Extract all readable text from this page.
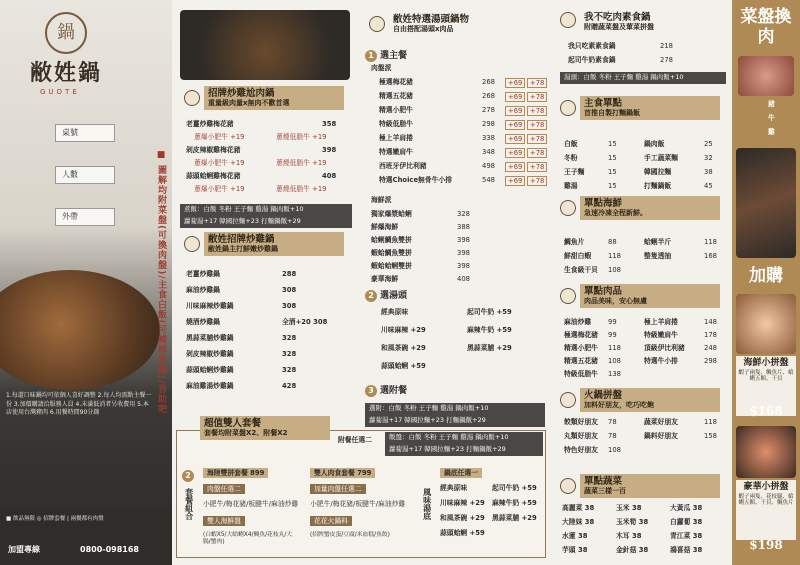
鍋
敝姓鍋
GUOTE
桌號
人數
外帶	■ 圖解均附菜盤(可換肉盤)/主食白飯(可補添更換)/自助吧
1.每道口味鍋均可依個人喜好調整 2.每人均需點主餐一份 3.加價購請洽服務人員 4.未滿低消者另收費用 5.本店使用台灣豬肉 6.用餐時間90分鐘
■ 飲品無限 ◎ 招牌套餐 | 兩餐都有肉盤
加盟專線	0800-098168
招牌炒雞尬肉鍋
重量級肉量x無肉不歡首選
老薑炒雞梅花豬	358
蔥爆小肥牛 +19	蔥燒低脂牛 +19
剁皮辣椒雞梅花豬	398
蔥爆小肥牛 +19	蔥燒低脂牛 +19
蒜頭蛤蜊雞梅花豬	408
蔥爆小肥牛 +19	蔥燒低脂牛 +19
煮飯：白飯 冬粉 王子麵 雞湯 鍋肉飯+10
蘿蔔湯+17 韓國拉麵+23 打麵鍋飯+29
敝姓招牌炒雞鍋
敝姓鍋主打鮮嫩炒雞鍋
老薑炒雞鍋	288
麻油炒雞鍋	308
川味麻辣炒雞鍋	308
燒酒炒雞鍋	全酒+20 308
黑蒜菜脯炒雞鍋	328
剁皮辣椒炒雞鍋	328
蒜頭蛤蜊炒雞鍋	328
麻油雞湯炒雞鍋	428
敝姓特選湯頭鍋物
自由搭配湯頭x肉品
1 選主餐
肉盤派
極選梅花豬	268	+69	+78
精選五花豬	268	+69	+78
精選小肥牛	278	+69	+78
特級低脂牛	298	+69	+78
極上羊肩捲	338	+69	+78
特選嫩肩牛	348	+69	+78
西班牙伊比利豬	498	+69	+78
特選Choice無骨牛小排	548	+69	+78
海鮮派
獨家爆漿蛤蜊	328
鮮爆海鮮	388
蛤蜊鯛魚雙拼	398
蝦蛤鯛魚雙拼	398
蝦蛤蛤蜊雙拼	398
豪華海鮮	408
2 選湯頭
經典原味	起司牛奶 +59
川味麻辣 +29	麻辣牛奶 +59
和風茶碗 +29	黑蒜菜脯 +29
蒜頭蛤蜊 +59
3 選附餐
選附：白飯 冬粉 王子麵 雞湯 鍋肉飯+10
蘿蔔湯+17 韓國拉麵+23 打麵鍋飯+29
超值雙人套餐
套餐均附菜盤X2、附餐X2
附餐任選二	飯盤：白飯 冬粉 王子麵 雞湯 鍋肉飯+10
蘿蔔湯+17 韓國拉麵+23 打麵鍋飯+29
2
套餐組合
海陸雙拼套餐 899
肉盤任選二
小肥牛/梅花豬/板腱牛/麻油炒雞
雙人海鮮盤
(白蝦X5/大蛤蜊X4/鯛魚/花枝丸/大腸/蟹肉)
雙人肉食套餐 799
加量肉盤任選二
小肥牛/梅花豬/板腱牛/麻油炒雞
花花火鍋料
(招牌蟹皮蛋/豆腐/米血糕/魚餃)
風味湯底
鍋底任選一
經典原味	起司牛奶 +59
川味麻辣 +29 麻辣牛奶 +59
和風茶碗 +29 黑蒜菜脯 +29
蒜頭蛤蜊 +59
我不吃肉素食鍋
附贈蔬菜盤及葷菜拼盤
我只吃素素食鍋	218
起司牛奶素食鍋	278
湯頭：白飯 冬粉 王子麵 雞湯 鍋肉飯+10
主食單點
首推自製打麵鍋飯
白飯	15	鍋肉飯	25
冬粉	15	手工蔬菜麵	32
王子麵	15	韓國拉麵	38
雞湯	15	打麵鍋飯	45
單點海鮮
急速冷凍全程新鮮。
鯛魚片	88	蛤蜊半斤	118
鮮甜白蝦 118	整隻透抽	168
生食級干貝 108
單點肉品
肉品美味，安心無慮
麻油炒雞 99	極上羊肩捲	148
極選梅花豬 99	特級嫩肩牛	178
精選小肥牛 118	頂級伊比利豬	248
精選五花豬 108	特選牛小排	298
特級低脂牛 138
火鍋拼盤
加料好朋友，吃巧吃飽
餃類好朋友 78	蔬菜好朋友	118
丸類好朋友 78	鍋料好朋友	158
特色好朋友 108
單點蔬菜
蔬菜三樣一百
高麗菜 38	玉米 38	大黃瓜 38
大陸妹 38	玉米筍 38	白蘿蔔 38
水蓮 38	木耳 38	青江菜 38
芋頭 38	金針菇 38	鴻喜菇 38
菜盤換肉
豬
牛
雞
加購
海鮮小拼盤
蝦子兩隻、鯛魚片、蛤蜊五顆、干貝
$168
豪華小拼盤
蝦子兩隻、花枝腿、蛤蜊五顆、干貝、鯛魚片
$198
